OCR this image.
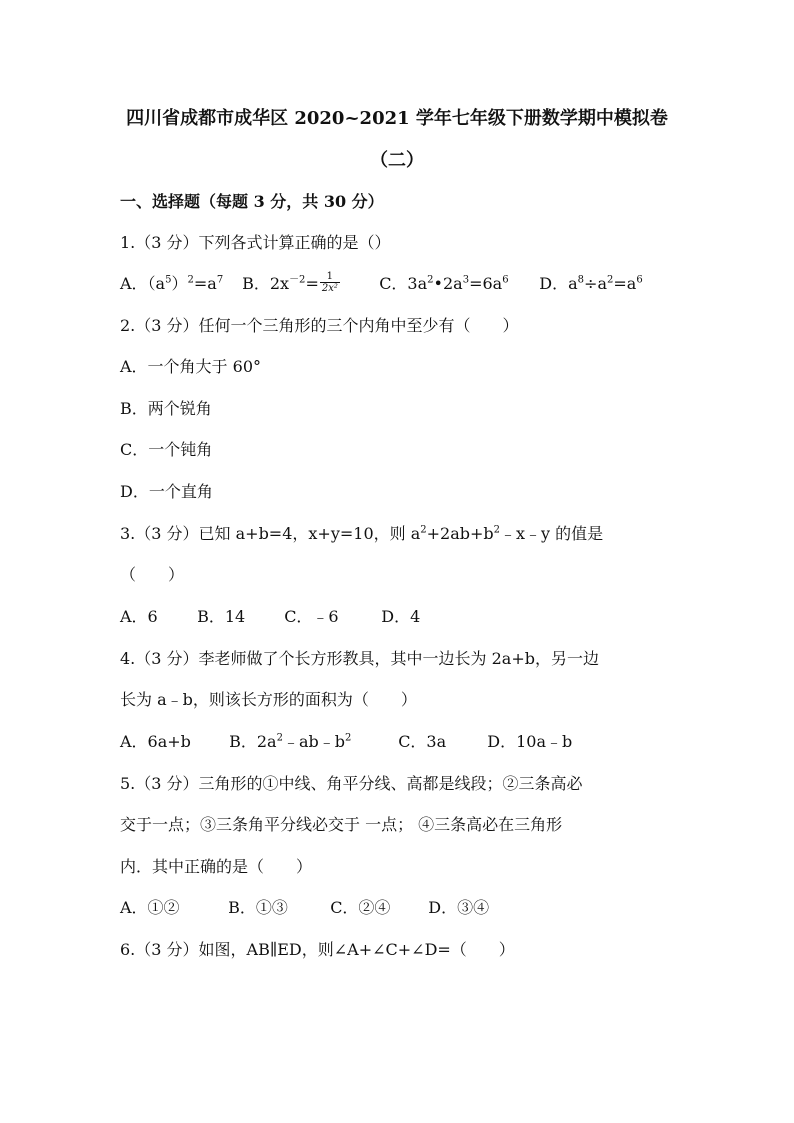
四川省成都市成华区 2020~2021 学年七年级下册数学期中模拟卷
（二）
一、选择题（每题 3 分，共 30 分）
1.（3 分）下列各式计算正确的是（）
A．$(a^5)^2=a^7$ B．$2x^{-2}= \frac{1}{\text{2x²}}$ C．$3a^2•2a^3=6a^6$ D．$a^8\div a^2=a^6$
2.（3 分）任何一个三角形的三个内角中至少有（　　）
A．一个角大于 60°
B．两个锐角
C．一个钝角
D．一个直角
3.（3 分）已知 a+b=4，x+y=10，则 $a^2+2ab+b^2﹣x﹣y$ 的值是
（　　）
A．6 B．14 C．﹣6	D．4
4.（3 分）李老师做了个长方形教具，其中一边长为 2a+b，另一边
长为 a﹣b，则该长方形的面积为（　　）
A．6a+b B．$2a^2﹣ab﹣b^2$	C．3a	D．10a﹣b
5.（3 分）三角形的①中线、角平分线、高都是线段；②三条高必
交于一点；③三条角平分线必交于 一点； ④三条高必在三角形
内．其中正确的是（　　）
A．①②	B．①③	C．②④ D．③④
6.（3 分）如图，AB∥ED，则∠A+∠C+∠D=（　　）
